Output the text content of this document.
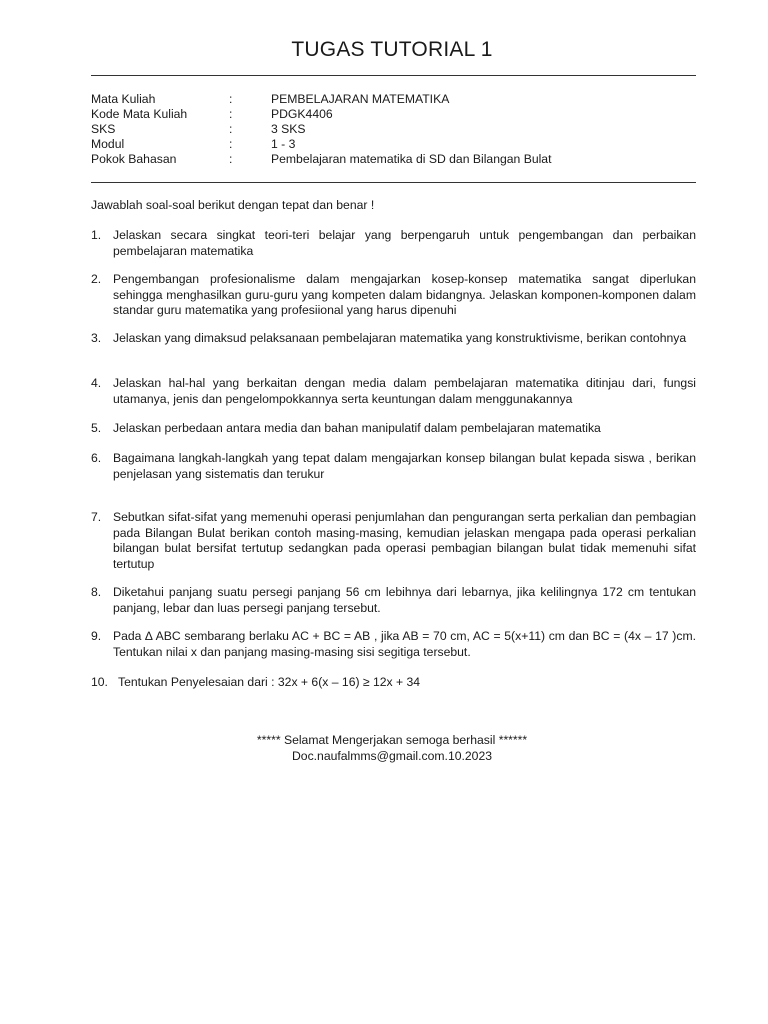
TUGAS TUTORIAL 1
Mata Kuliah	:	PEMBELAJARAN MATEMATIKA
Kode Mata Kuliah	:	PDGK4406
SKS	:	3 SKS
Modul	:	1 - 3
Pokok Bahasan	:	Pembelajaran matematika di SD dan Bilangan Bulat
Jawablah soal-soal berikut dengan tepat dan benar !
1. Jelaskan secara singkat teori-teri belajar yang berpengaruh untuk pengembangan dan perbaikan pembelajaran matematika
2. Pengembangan profesionalisme dalam mengajarkan kosep-konsep matematika sangat diperlukan sehingga menghasilkan guru-guru yang kompeten dalam bidangnya. Jelaskan komponen-komponen dalam standar guru matematika yang profesiional yang harus dipenuhi
3. Jelaskan yang dimaksud pelaksanaan pembelajaran matematika yang konstruktivisme, berikan contohnya
4. Jelaskan hal-hal yang berkaitan dengan media dalam pembelajaran matematika ditinjau dari, fungsi utamanya, jenis dan pengelompokkannya serta keuntungan dalam menggunakannya
5. Jelaskan perbedaan antara media dan bahan manipulatif dalam pembelajaran matematika
6. Bagaimana langkah-langkah yang tepat dalam mengajarkan konsep bilangan bulat kepada siswa , berikan penjelasan yang sistematis dan terukur
7. Sebutkan sifat-sifat yang memenuhi operasi penjumlahan dan pengurangan serta perkalian dan pembagian pada Bilangan Bulat berikan contoh masing-masing, kemudian jelaskan mengapa pada operasi perkalian bilangan bulat bersifat tertutup sedangkan pada operasi pembagian bilangan bulat tidak memenuhi sifat tertutup
8. Diketahui panjang suatu persegi panjang 56 cm lebihnya dari lebarnya, jika kelilingnya 172 cm tentukan panjang, lebar dan luas persegi panjang tersebut.
9. Pada ∆ ABC sembarang berlaku AC + BC = AB , jika AB = 70 cm, AC = 5(x+11) cm dan BC = (4x – 17 )cm. Tentukan nilai x dan panjang masing-masing sisi segitiga tersebut.
10. Tentukan Penyelesaian dari : 32x + 6(x – 16) ≥ 12x + 34
***** Selamat Mengerjakan semoga berhasil ******
Doc.naufalmms@gmail.com.10.2023
